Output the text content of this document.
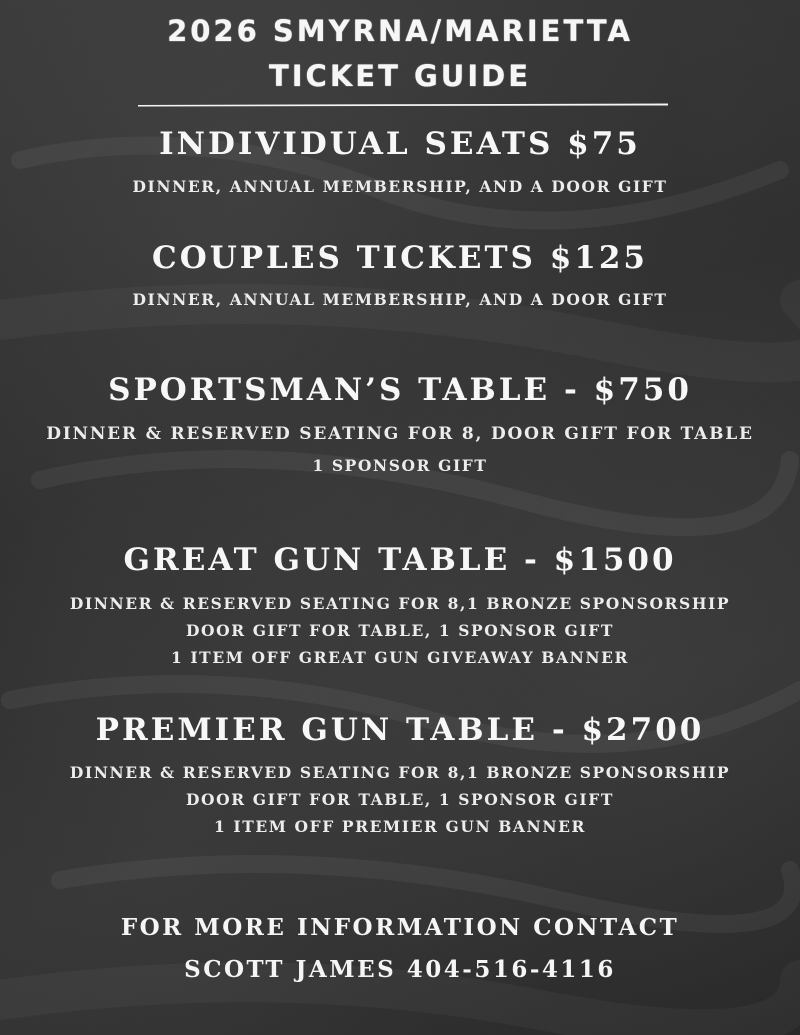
2026 SMYRNA/MARIETTA
TICKET GUIDE
INDIVIDUAL SEATS $75

DINNER, ANNUAL MEMBERSHIP, AND A DOOR GIFT

COUPLES TICKETS $125

DINNER, ANNUAL MEMBERSHIP, AND A DOOR GIFT

SPORTSMAN’S TABLE - $750

DINNER & RESERVED SEATING FOR 8, DOOR GIFT FOR TABLE

1 SPONSOR GIFT

GREAT GUN TABLE - $1500

DINNER & RESERVED SEATING FOR 8,1 BRONZE SPONSORSHIP

DOOR GIFT FOR TABLE, 1 SPONSOR GIFT

1 ITEM OFF GREAT GUN GIVEAWAY BANNER

PREMIER GUN TABLE - $2700

DINNER & RESERVED SEATING FOR 8,1 BRONZE SPONSORSHIP

DOOR GIFT FOR TABLE, 1 SPONSOR GIFT

1 ITEM OFF PREMIER GUN BANNER

FOR MORE INFORMATION CONTACT

SCOTT JAMES 404-516-4116
